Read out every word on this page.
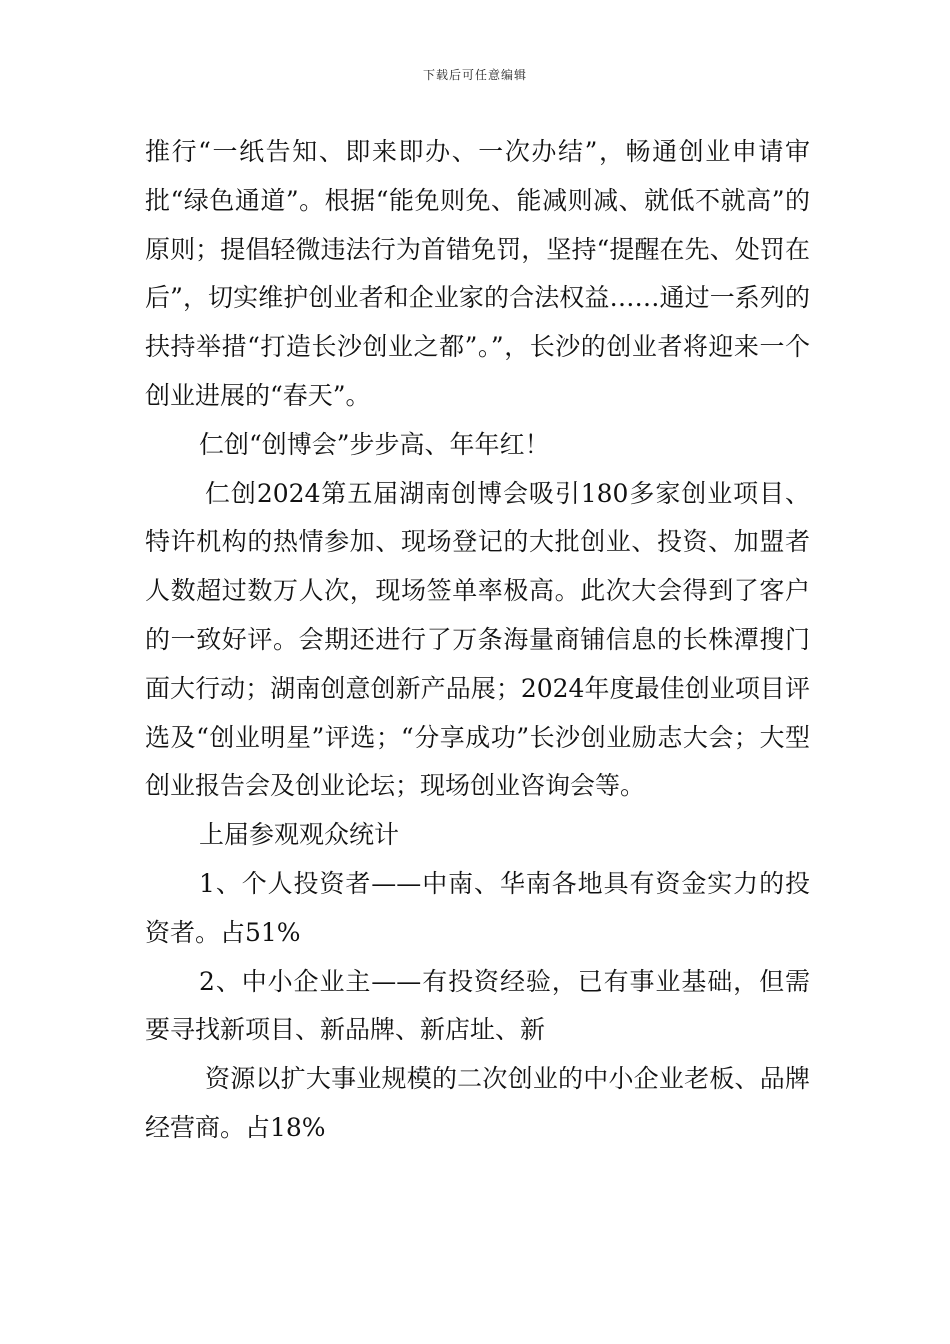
下载后可任意编辑

推行“一纸告知、即来即办、一次办结”，畅通创业申请审批“绿色通道”。根据“能免则免、能减则减、就低不就高”的原则；提倡轻微违法行为首错免罚，坚持“提醒在先、处罚在后”，切实维护创业者和企业家的合法权益……通过一系列的扶持举措“打造长沙创业之都”。”，长沙的创业者将迎来一个创业进展的“春天”。

仁创“创博会”步步高、年年红！

仁创2024第五届湖南创博会吸引180多家创业项目、特许机构的热情参加、现场登记的大批创业、投资、加盟者人数超过数万人次，现场签单率极高。此次大会得到了客户的一致好评。会期还进行了万条海量商铺信息的长株潭搜门面大行动；湖南创意创新产品展；2024年度最佳创业项目评选及“创业明星”评选；“分享成功”长沙创业励志大会；大型创业报告会及创业论坛；现场创业咨询会等。

上届参观观众统计

1、个人投资者——中南、华南各地具有资金实力的投资者。占51%

2、中小企业主——有投资经验，已有事业基础，但需要寻找新项目、新品牌、新店址、新

资源以扩大事业规模的二次创业的中小企业老板、品牌经营商。占18%
